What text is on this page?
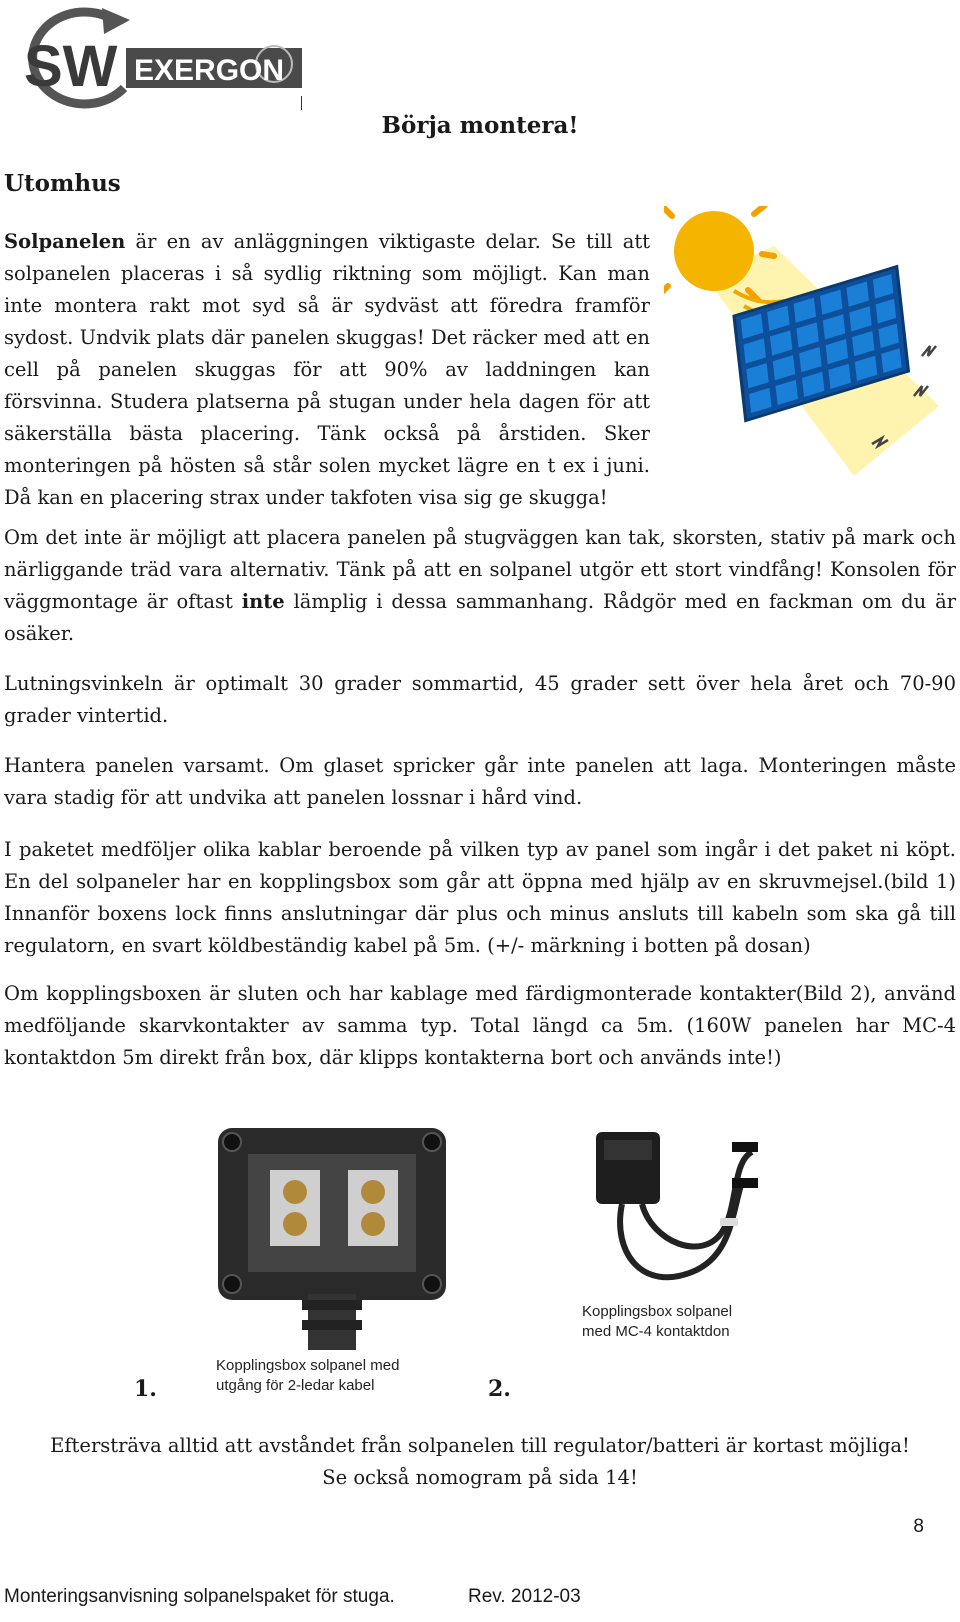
SW EXERGON
Börja montera!
Utomhus
Solpanelen är en av anläggningen viktigaste delar. Se till att solpanelen placeras i så sydlig riktning som möjligt. Kan man inte montera rakt mot syd så är sydväst att föredra framför sydost. Undvik plats där panelen skuggas! Det räcker med att en cell på panelen skuggas för att 90% av laddningen kan försvinna. Studera platserna på stugan under hela dagen för att säkerställa bästa placering. Tänk också på årstiden. Sker monteringen på hösten så står solen mycket lägre en t ex i juni. Då kan en placering strax under takfoten visa sig ge skugga!
Om det inte är möjligt att placera panelen på stugväggen kan tak, skorsten, stativ på mark och närliggande träd vara alternativ. Tänk på att en solpanel utgör ett stort vindfång! Konsolen för väggmontage är oftast inte lämplig i dessa sammanhang. Rådgör med en fackman om du är osäker.
Lutningsvinkeln är optimalt 30 grader sommartid, 45 grader sett över hela året och 70-90 grader vintertid.
Hantera panelen varsamt. Om glaset spricker går inte panelen att laga. Monteringen måste vara stadig för att undvika att panelen lossnar i hård vind.
I paketet medföljer olika kablar beroende på vilken typ av panel som ingår i det paket ni köpt. En del solpaneler har en kopplingsbox som går att öppna med hjälp av en skruvmejsel.(bild 1) Innanför boxens lock finns anslutningar där plus och minus ansluts till kabeln som ska gå till regulatorn, en svart köldbeständig kabel på 5m. (+/- märkning i botten på dosan)
Om kopplingsboxen är sluten och har kablage med färdigmonterade kontakter(Bild 2), använd medföljande skarvkontakter av samma typ. Total längd ca 5m. (160W panelen har MC-4 kontaktdon 5m direkt från box, där klipps kontakterna bort och används inte!)
Kopplingsbox solpanel med
utgång för 2-ledar kabel
1.
Kopplingsbox solpanel
med MC-4 kontaktdon
2.
Eftersträva alltid att avståndet från solpanelen till regulator/batteri är kortast möjliga!
Se också nomogram på sida 14!
8
Monteringsanvisning solpanelspaket för stuga.	Rev. 2012-03
